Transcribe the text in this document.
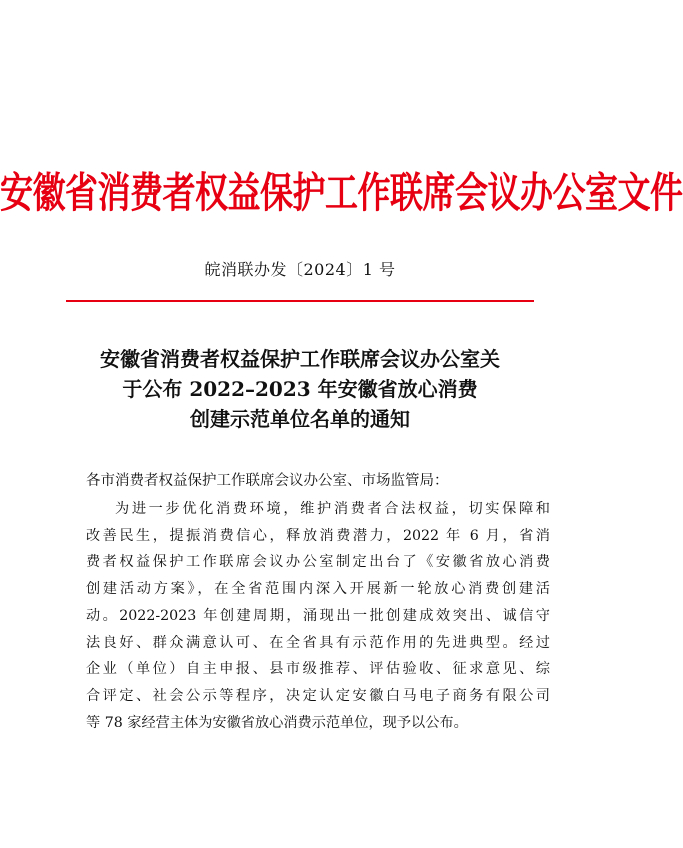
安徽省消费者权益保护工作联席会议办公室文件
皖消联办发〔2024〕1 号
安徽省消费者权益保护工作联席会议办公室关
于公布 2022–2023 年安徽省放心消费
创建示范单位名单的通知
各市消费者权益保护工作联席会议办公室、市场监管局：
为进一步优化消费环境，维护消费者合法权益，切实保障和
改善民生，提振消费信心，释放消费潜力，2022 年 6 月，省消
费者权益保护工作联席会议办公室制定出台了《安徽省放心消费
创建活动方案》，在全省范围内深入开展新一轮放心消费创建活
动。2022-2023 年创建周期，涌现出一批创建成效突出、诚信守
法良好、群众满意认可、在全省具有示范作用的先进典型。经过
企业（单位）自主申报、县市级推荐、评估验收、征求意见、综
合评定、社会公示等程序，决定认定安徽白马电子商务有限公司
等 78 家经营主体为安徽省放心消费示范单位，现予以公布。
